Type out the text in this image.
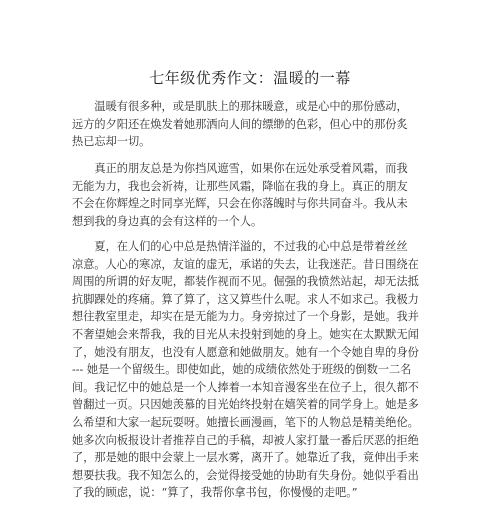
七年级优秀作文：温暖的一幕
　　温暖有很多种，或是肌肤上的那抹暖意，或是心中的那份感动，
远方的夕阳还在焕发着她那洒向人间的缥缈的色彩，但心中的那份炙
热已忘却一切。
　　真正的朋友总是为你挡风遮雪，如果你在远处承受着风霜，而我
无能为力，我也会祈祷，让那些风霜，降临在我的身上。真正的朋友
不会在你辉煌之时同享光辉，只会在你落魄时与你共同奋斗。我从未
想到我的身边真的会有这样的一个人。
　　夏，在人们的心中总是热情洋溢的，不过我的心中总是带着丝丝
凉意。人心的寒凉，友谊的虚无，承诺的失去，让我迷茫。昔日围绕在
周围的所谓的好友呢，都装作视而不见。倔强的我愤然站起，却无法抵
抗脚踝处的疼痛。算了算了，这又算些什么呢。求人不如求己。我极力
想往教室里走，却实在是无能为力。身旁掠过了一个身影，是她。我并
不奢望她会来帮我，我的目光从未投射到她的身上。她实在太默默无闻
了，她没有朋友，也没有人愿意和她做朋友。她有一个令她自卑的身份
--- 她是一个留级生。即使如此，她的成绩依然处于班级的倒数一二名
间。我记忆中的她总是一个人捧着一本知音漫客坐在位子上，很久都不
曾翻过一页。只因她羡慕的目光始终投射在嬉笑着的同学身上。她是多
么希望和大家一起玩耍呀。她擅长画漫画，笔下的人物总是精美绝伦。
她多次向板报设计者推荐自己的手稿，却被人家打量一番后厌恶的拒绝
了，那是她的眼中会蒙上一层水雾，离开了。她靠近了我，竟伸出手来
想要扶我。我不知怎么的，会觉得接受她的协助有失身份。她似乎看出
了我的顾虑，说：“算了，我帮你拿书包，你慢慢的走吧。”
